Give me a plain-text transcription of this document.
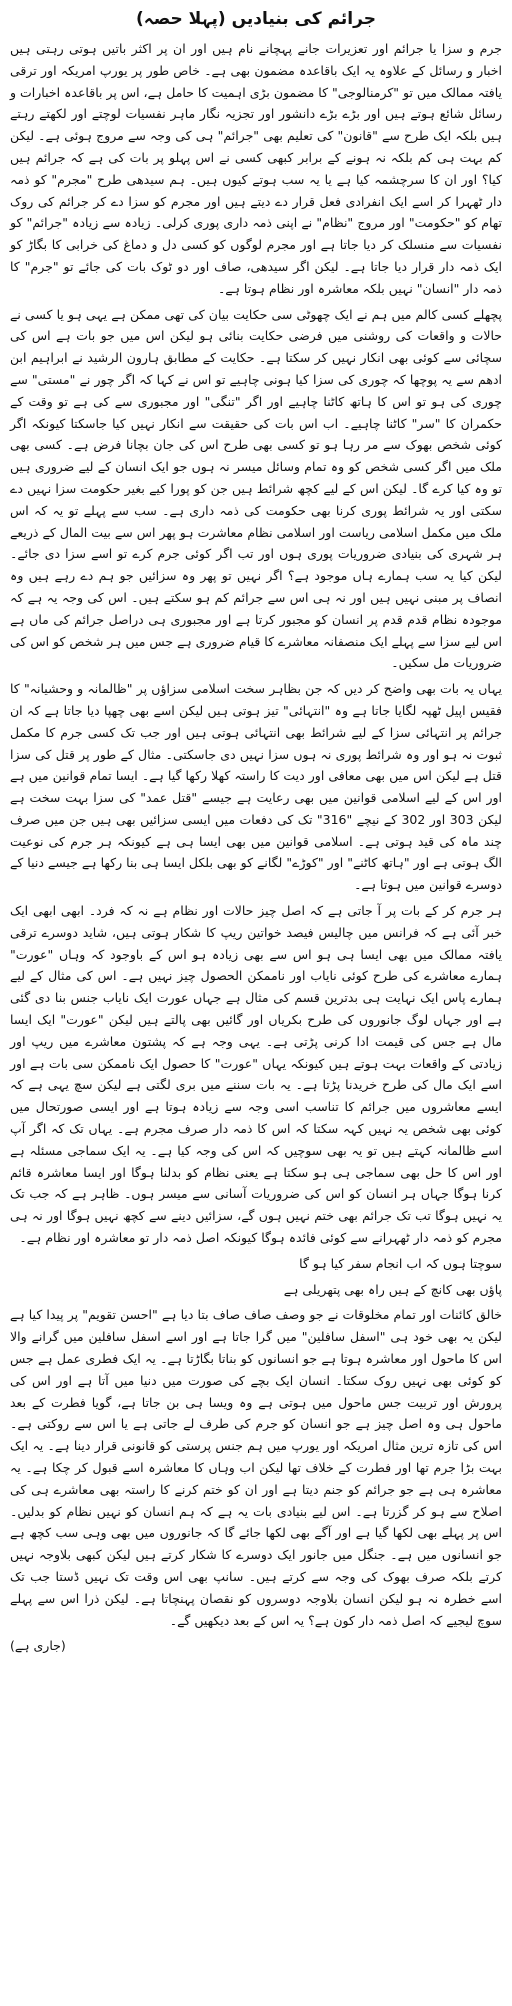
جرائم کی بنیادیں (پہلا حصہ)

جرم و سزا یا جرائم اور تعزیرات جانے پہچانے نام ہیں اور ان پر اکثر باتیں ہوتی رہتی ہیں اخبار و رسائل کے علاوہ یہ ایک باقاعدہ مضمون بھی ہے۔ خاص طور پر یورپ امریکہ اور ترقی یافتہ ممالک میں تو "کرمنالوجی" کا مضمون بڑی اہمیت کا حامل ہے، اس پر باقاعدہ اخبارات و رسائل شائع ہوتے ہیں اور بڑے بڑے دانشور اور تجزیہ نگار ماہر نفسیات لوچتے اور لکھتے رہتے ہیں بلکہ ایک طرح سے "قانون" کی تعلیم بھی "جرائم" ہی کی وجہ سے مروج ہوئی ہے۔ لیکن کم بہت ہی کم بلکہ نہ ہونے کے برابر کبھی کسی نے اس پہلو پر بات کی ہے کہ جرائم ہیں کیا؟ اور ان کا سرچشمہ کیا ہے یا یہ سب ہوتے کیوں ہیں۔ ہم سیدھی طرح "مجرم" کو ذمہ دار ٹھہرا کر اسے ایک انفرادی فعل قرار دے دیتے ہیں اور مجرم کو سزا دے کر جرائم کی روک تھام کو "حکومت" اور مروج "نظام" نے اپنی ذمہ داری پوری کرلی۔ زیادہ سے زیادہ "جرائم" کو نفسیات سے منسلک کر دیا جاتا ہے اور مجرم لوگوں کو کسی دل و دماغ کی خرابی کا بگاڑ کو ایک ذمہ دار قرار دیا جاتا ہے۔ لیکن اگر سیدھی، صاف اور دو ٹوک بات کی جائے تو "جرم" کا ذمہ دار "انسان" نہیں بلکہ معاشرہ اور نظام ہوتا ہے۔

پچھلے کسی کالم میں ہم نے ایک چھوٹی سی حکایت بیان کی تھی ممکن ہے یہی ہو یا کسی نے حالات و واقعات کی روشنی میں فرضی حکایت بنائی ہو لیکن اس میں جو بات ہے اس کی سچائی سے کوئی بھی انکار نہیں کر سکتا ہے۔ حکایت کے مطابق ہارون الرشید نے ابراہیم ابن ادھم سے یہ پوچھا کہ چوری کی سزا کیا ہونی چاہیے تو اس نے کہا کہ اگر چور نے "مستی" سے چوری کی ہو تو اس کا ہاتھ کاٹنا چاہیے اور اگر "تنگی" اور مجبوری سے کی ہے تو وقت کے حکمران کا "سر" کاٹنا چاہیے۔ اب اس بات کی حقیقت سے انکار نہیں کیا جاسکتا کیونکہ اگر کوئی شخص بھوک سے مر رہا ہو تو کسی بھی طرح اس کی جان بچانا فرض ہے۔ کسی بھی ملک میں اگر کسی شخص کو وہ تمام وسائل میسر نہ ہوں جو ایک انسان کے لیے ضروری ہیں تو وہ کیا کرے گا۔ لیکن اس کے لیے کچھ شرائط ہیں جن کو پورا کیے بغیر حکومت سزا نہیں دے سکتی اور یہ شرائط پوری کرنا بھی حکومت کی ذمہ داری ہے۔ سب سے پہلے تو یہ کہ اس ملک میں مکمل اسلامی ریاست اور اسلامی نظام معاشرت ہو پھر اس سے بیت المال کے ذریعے ہر شہری کی بنیادی ضروریات پوری ہوں اور تب اگر کوئی جرم کرے تو اسے سزا دی جائے۔ لیکن کیا یہ سب ہمارے ہاں موجود ہے؟ اگر نہیں تو پھر وہ سزائیں جو ہم دے رہے ہیں وہ انصاف پر مبنی نہیں ہیں اور نہ ہی اس سے جرائم کم ہو سکتے ہیں۔ اس کی وجہ یہ ہے کہ موجودہ نظام قدم قدم پر انسان کو مجبور کرتا ہے اور مجبوری ہی دراصل جرائم کی ماں ہے اس لیے سزا سے پہلے ایک منصفانہ معاشرے کا قیام ضروری ہے جس میں ہر شخص کو اس کی ضروریات مل سکیں۔

یہاں یہ بات بھی واضح کر دیں کہ جن بظاہر سخت اسلامی سزاؤں پر "ظالمانہ و وحشیانہ" کا فقیس اپیل ٹھپہ لگایا جاتا ہے وہ "انتہائی" تیز ہوتی ہیں لیکن اسے بھی چھپا دیا جاتا ہے کہ ان جرائم پر انتہائی سزا کے لیے شرائط بھی انتہائی ہوتی ہیں اور جب تک کسی جرم کا مکمل ثبوت نہ ہو اور وہ شرائط پوری نہ ہوں سزا نہیں دی جاسکتی۔ مثال کے طور پر قتل کی سزا قتل ہے لیکن اس میں بھی معافی اور دیت کا راستہ کھلا رکھا گیا ہے۔ ایسا تمام قوانین میں ہے اور اس کے لیے اسلامی قوانین میں بھی رعایت ہے جیسے "قتل عمد" کی سزا بہت سخت ہے لیکن 303 اور 302 کے نیچے "316" تک کی دفعات میں ایسی سزائیں بھی ہیں جن میں صرف چند ماہ کی قید ہوتی ہے۔ اسلامی قوانین میں بھی ایسا ہی ہے کیونکہ ہر جرم کی نوعیت الگ ہوتی ہے اور "ہاتھ کاٹنے" اور "کوڑے" لگانے کو بھی بلکل ایسا ہی بنا رکھا ہے جیسے دنیا کے دوسرے قوانین میں ہوتا ہے۔

ہر جرم کر کے بات پر آ جاتی ہے کہ اصل چیز حالات اور نظام ہے نہ کہ فرد۔ ابھی ابھی ایک خبر آئی ہے کہ فرانس میں چالیس فیصد خواتین ریپ کا شکار ہوتی ہیں، شاید دوسرے ترقی یافتہ ممالک میں بھی ایسا ہی ہو اس سے بھی زیادہ ہو اس کے باوجود کہ وہاں "عورت" ہمارے معاشرے کی طرح کوئی نایاب اور ناممکن الحصول چیز نہیں ہے۔ اس کی مثال کے لیے ہمارے پاس ایک نہایت ہی بدترین قسم کی مثال ہے جہاں عورت ایک نایاب جنس بنا دی گئی ہے اور جہاں لوگ جانوروں کی طرح بکریاں اور گائیں بھی پالتے ہیں لیکن "عورت" ایک ایسا مال ہے جس کی قیمت ادا کرنی پڑتی ہے۔ یہی وجہ ہے کہ پشتون معاشرے میں ریپ اور زیادتی کے واقعات بہت ہوتے ہیں کیونکہ یہاں "عورت" کا حصول ایک ناممکن سی بات ہے اور اسے ایک مال کی طرح خریدنا پڑتا ہے۔ یہ بات سننے میں بری لگتی ہے لیکن سچ یہی ہے کہ ایسے معاشروں میں جرائم کا تناسب اسی وجہ سے زیادہ ہوتا ہے اور ایسی صورتحال میں کوئی بھی شخص یہ نہیں کہہ سکتا کہ اس کا ذمہ دار صرف مجرم ہے۔ یہاں تک کہ اگر آپ اسے ظالمانہ کہتے ہیں تو یہ بھی سوچیں کہ اس کی وجہ کیا ہے۔ یہ ایک سماجی مسئلہ ہے اور اس کا حل بھی سماجی ہی ہو سکتا ہے یعنی نظام کو بدلنا ہوگا اور ایسا معاشرہ قائم کرنا ہوگا جہاں ہر انسان کو اس کی ضروریات آسانی سے میسر ہوں۔ ظاہر ہے کہ جب تک یہ نہیں ہوگا تب تک جرائم بھی ختم نہیں ہوں گے، سزائیں دینے سے کچھ نہیں ہوگا اور نہ ہی مجرم کو ذمہ دار ٹھہرانے سے کوئی فائدہ ہوگا کیونکہ اصل ذمہ دار تو معاشرہ اور نظام ہے۔

سوچتا ہوں کہ اب انجام سفر کیا ہو گا

پاؤں بھی کانچ کے ہیں راہ بھی پتھریلی ہے

خالق کائنات اور تمام مخلوقات نے جو وصف صاف صاف بتا دیا ہے "احسن تقویم" پر پیدا کیا ہے لیکن یہ بھی خود ہی "اسفل سافلین" میں گرا جاتا ہے اور اسے اسفل سافلین میں گرانے والا اس کا ماحول اور معاشرہ ہوتا ہے جو انسانوں کو بناتا بگاڑتا ہے۔ یہ ایک فطری عمل ہے جس کو کوئی بھی نہیں روک سکتا۔ انسان ایک بچے کی صورت میں دنیا میں آتا ہے اور اس کی پرورش اور تربیت جس ماحول میں ہوتی ہے وہ ویسا ہی بن جاتا ہے، گویا فطرت کے بعد ماحول ہی وہ اصل چیز ہے جو انسان کو جرم کی طرف لے جاتی ہے یا اس سے روکتی ہے۔ اس کی تازہ ترین مثال امریکہ اور یورپ میں ہم جنس پرستی کو قانونی قرار دینا ہے۔ یہ ایک بہت بڑا جرم تھا اور فطرت کے خلاف تھا لیکن اب وہاں کا معاشرہ اسے قبول کر چکا ہے۔ یہ معاشرہ ہی ہے جو جرائم کو جنم دیتا ہے اور ان کو ختم کرنے کا راستہ بھی معاشرے ہی کی اصلاح سے ہو کر گزرتا ہے۔ اس لیے بنیادی بات یہ ہے کہ ہم انسان کو نہیں نظام کو بدلیں۔ اس پر پہلے بھی لکھا گیا ہے اور آگے بھی لکھا جائے گا کہ جانوروں میں بھی وہی سب کچھ ہے جو انسانوں میں ہے۔ جنگل میں جانور ایک دوسرے کا شکار کرتے ہیں لیکن کبھی بلاوجہ نہیں کرتے بلکہ صرف بھوک کی وجہ سے کرتے ہیں۔ سانپ بھی اس وقت تک نہیں ڈستا جب تک اسے خطرہ نہ ہو لیکن انسان بلاوجہ دوسروں کو نقصان پہنچاتا ہے۔ لیکن ذرا اس سے پہلے سوچ لیجیے کہ اصل ذمہ دار کون ہے؟ یہ اس کے بعد دیکھیں گے۔

(جاری ہے)
